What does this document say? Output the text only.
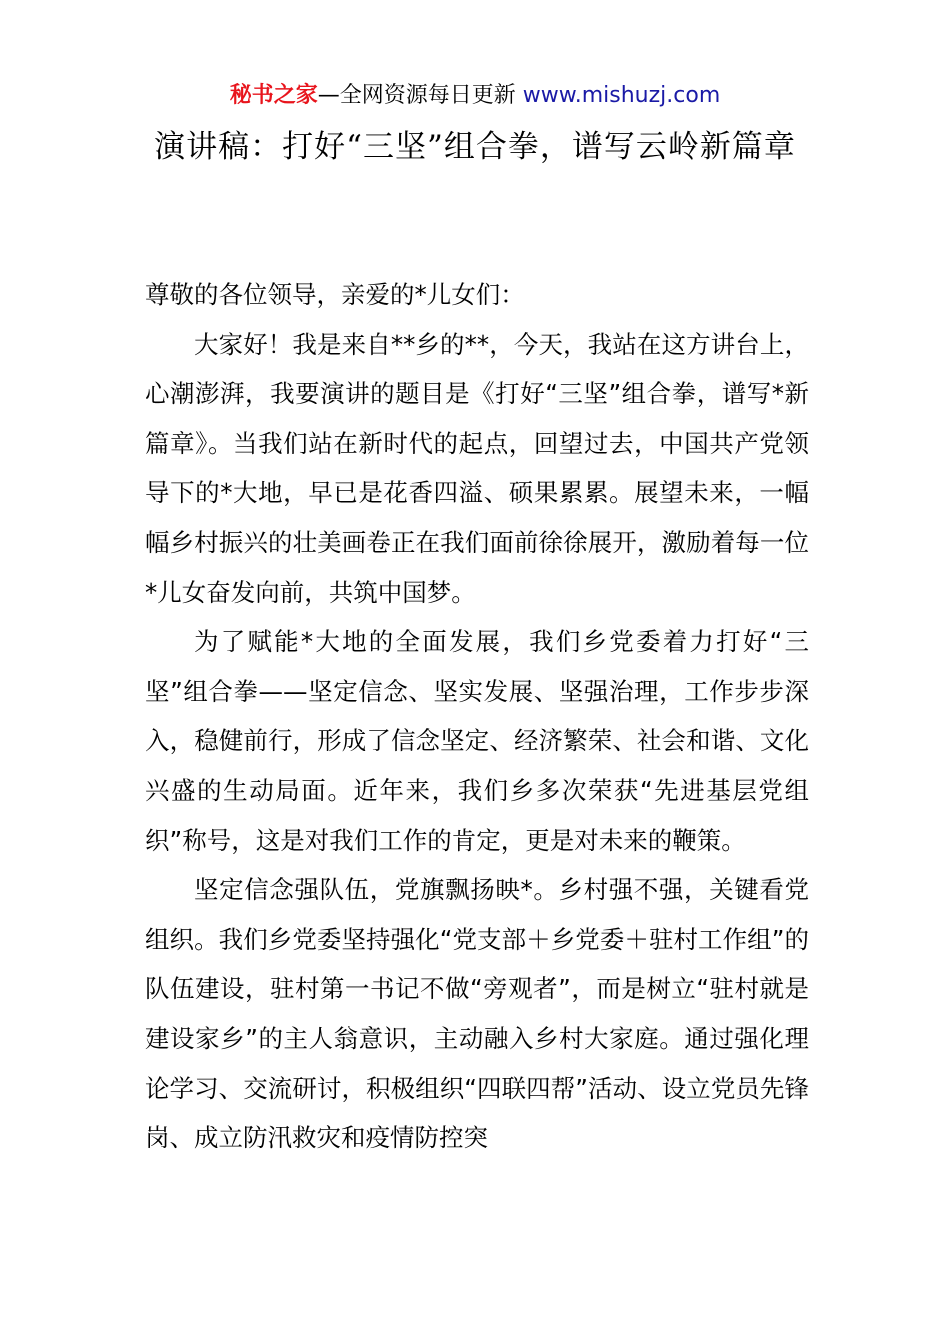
秘书之家—全网资源每日更新 www.mishuzj.com
演讲稿：打好“三坚”组合拳，谱写云岭新篇章

尊敬的各位领导，亲爱的*儿女们：

大家好！我是来自**乡的**，今天，我站在这方讲台上，心潮澎湃，我要演讲的题目是《打好“三坚”组合拳，谱写*新篇章》。当我们站在新时代的起点，回望过去，中国共产党领导下的*大地，早已是花香四溢、硕果累累。展望未来，一幅幅乡村振兴的壮美画卷正在我们面前徐徐展开，激励着每一位*儿女奋发向前，共筑中国梦。

为了赋能*大地的全面发展，我们乡党委着力打好“三坚”组合拳——坚定信念、坚实发展、坚强治理，工作步步深入，稳健前行，形成了信念坚定、经济繁荣、社会和谐、文化兴盛的生动局面。近年来，我们乡多次荣获“先进基层党组织”称号，这是对我们工作的肯定，更是对未来的鞭策。

坚定信念强队伍，党旗飘扬映*。乡村强不强，关键看党组织。我们乡党委坚持强化“党支部＋乡党委＋驻村工作组”的队伍建设，驻村第一书记不做“旁观者”，而是树立“驻村就是建设家乡”的主人翁意识，主动融入乡村大家庭。通过强化理论学习、交流研讨，积极组织“四联四帮”活动、设立党员先锋岗、成立防汛救灾和疫情防控突
